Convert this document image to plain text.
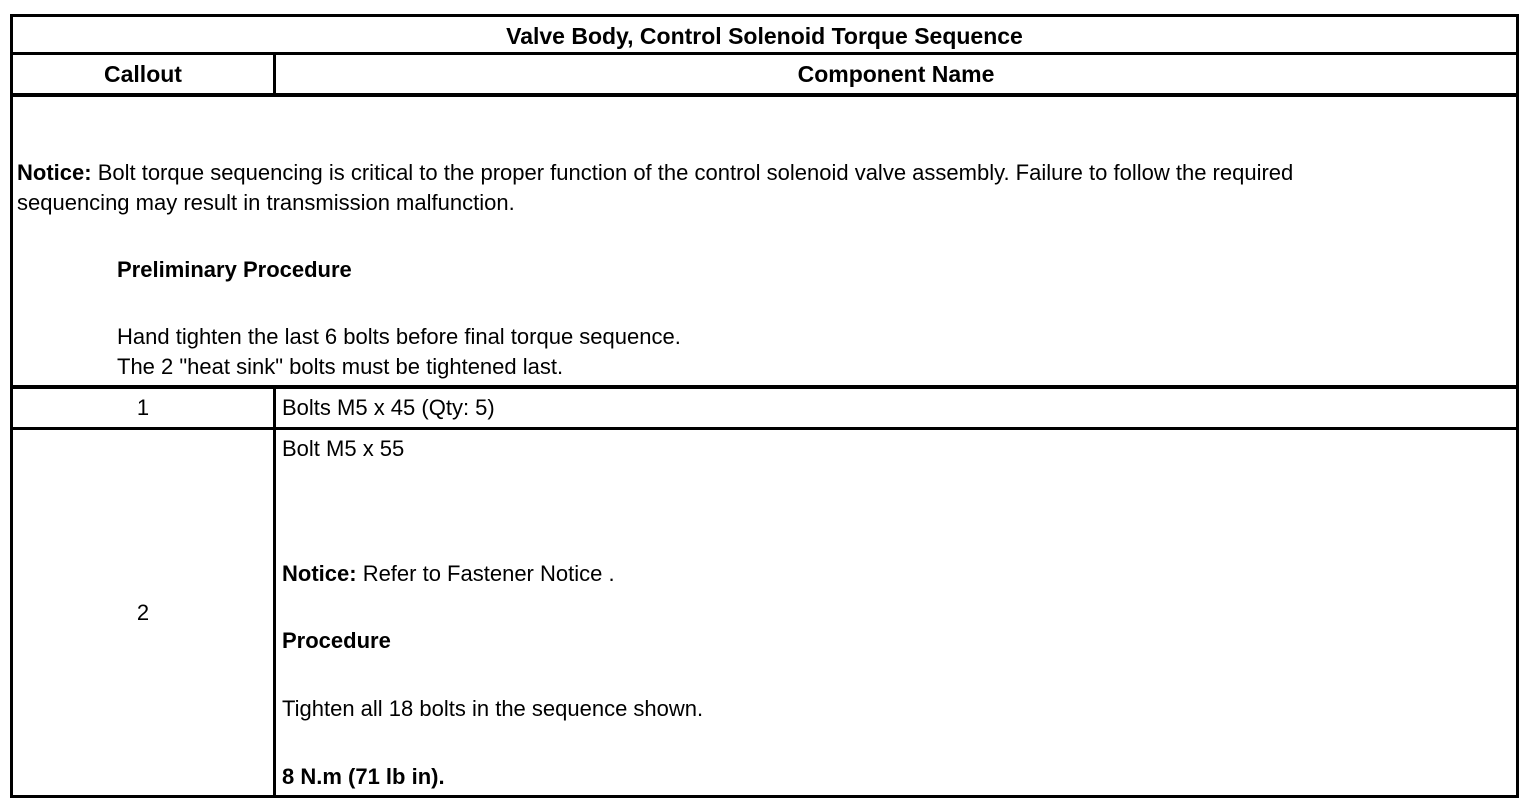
Valve Body, Control Solenoid Torque Sequence
Callout	Component Name
Notice: Bolt torque sequencing is critical to the proper function of the control solenoid valve assembly. Failure to follow the required
sequencing may result in transmission malfunction.
Preliminary Procedure
Hand tighten the last 6 bolts before final torque sequence.
The 2 "heat sink" bolts must be tightened last.
1	Bolts M5 x 45 (Qty: 5)
2
Bolt M5 x 55
Notice: Refer to Fastener Notice .
Procedure
Tighten all 18 bolts in the sequence shown.
8 N.m (71 lb in).
